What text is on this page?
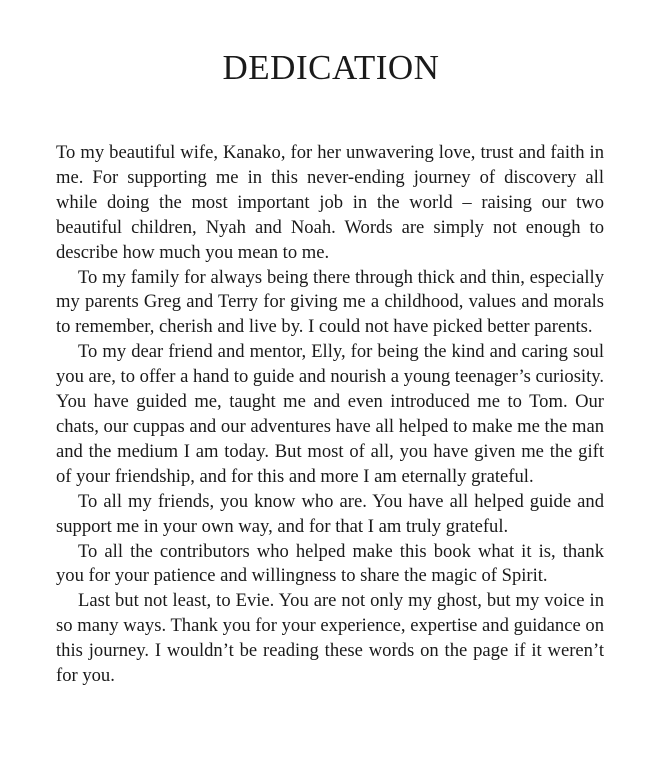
DEDICATION

To my beautiful wife, Kanako, for her unwavering love, trust and faith in me. For supporting me in this never-ending journey of discovery all while doing the most important job in the world – raising our two beautiful children, Nyah and Noah. Words are simply not enough to describe how much you mean to me.

To my family for always being there through thick and thin, especially my parents Greg and Terry for giving me a childhood, values and morals to remember, cherish and live by. I could not have picked better parents.

To my dear friend and mentor, Elly, for being the kind and caring soul you are, to offer a hand to guide and nourish a young teenager’s curiosity. You have guided me, taught me and even introduced me to Tom. Our chats, our cuppas and our adventures have all helped to make me the man and the medium I am today. But most of all, you have given me the gift of your friendship, and for this and more I am eternally grateful.

To all my friends, you know who are. You have all helped guide and support me in your own way, and for that I am truly grateful.

To all the contributors who helped make this book what it is, thank you for your patience and willingness to share the magic of Spirit.

Last but not least, to Evie. You are not only my ghost, but my voice in so many ways. Thank you for your experience, expertise and guidance on this journey. I wouldn’t be reading these words on the page if it weren’t for you.
